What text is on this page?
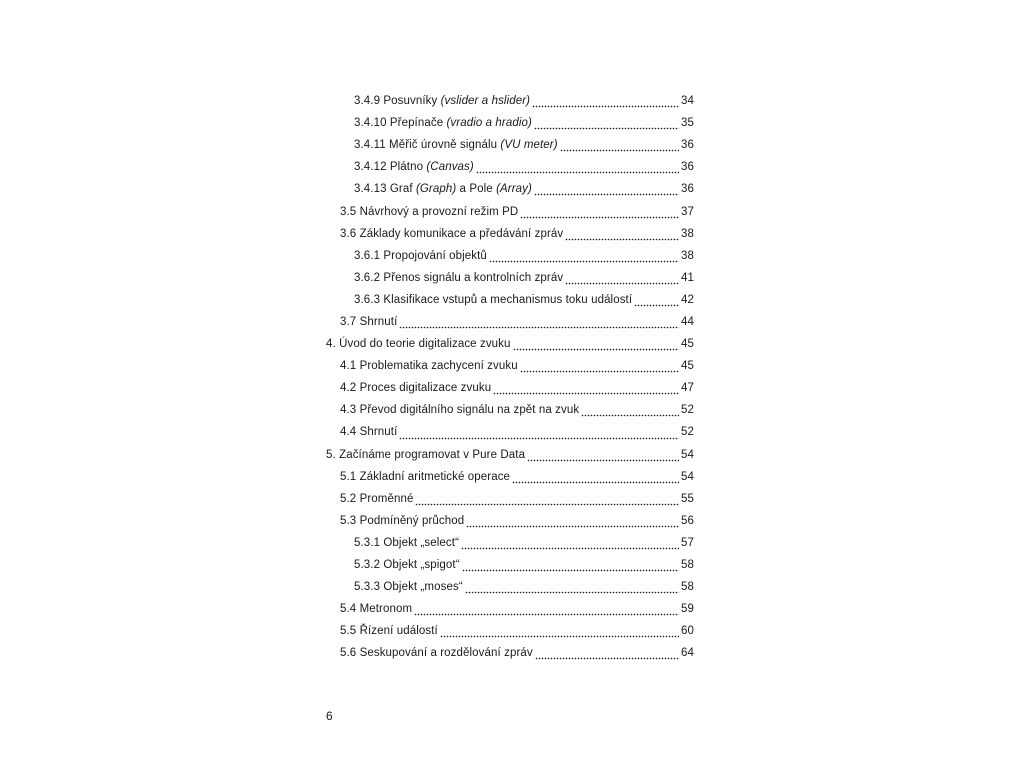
3.4.9 Posuvníky (vslider a hslider)	34
3.4.10 Přepínače (vradio a hradio)	35
3.4.11 Měřič úrovně signálu (VU meter)	36
3.4.12 Plátno (Canvas)	36
3.4.13 Graf (Graph) a Pole (Array)	36
3.5 Návrhový a provozní režim PD	37
3.6 Základy komunikace a předávání zpráv	38
3.6.1 Propojování objektů	38
3.6.2 Přenos signálu a kontrolních zpráv	41
3.6.3 Klasifikace vstupů a mechanismus toku událostí	42
3.7 Shrnutí	44
4. Úvod do teorie digitalizace zvuku	45
4.1 Problematika zachycení zvuku	45
4.2 Proces digitalizace zvuku	47
4.3 Převod digitálního signálu na zpět na zvuk	52
4.4 Shrnutí	52
5. Začínáme programovat v Pure Data	54
5.1 Základní aritmetické operace	54
5.2 Proměnné	55
5.3 Podmíněný průchod	56
5.3.1 Objekt „select“	57
5.3.2 Objekt „spigot“	58
5.3.3 Objekt „moses“	58
5.4 Metronom	59
5.5 Řízení událostí	60
5.6 Seskupování a rozdělování zpráv	64
6
